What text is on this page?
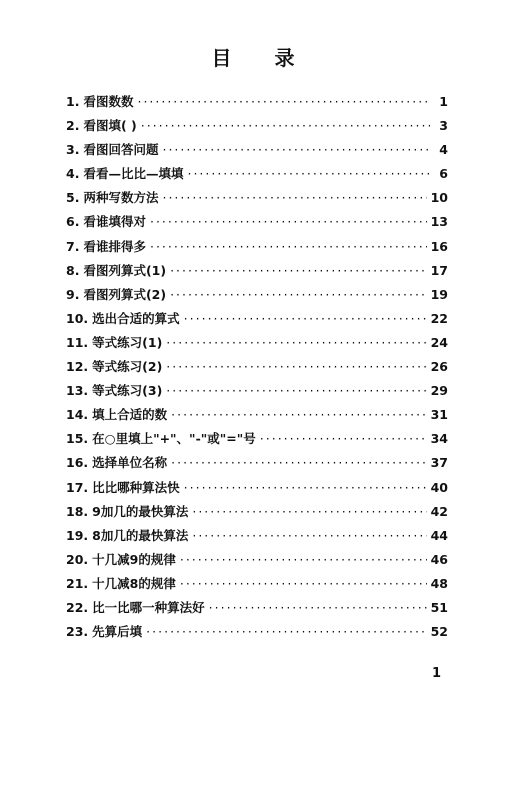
目 录
1. 看图数数 ·····	1
2. 看图填( ) ·····	3
3. 看图回答问题 ·····	4
4. 看看—比比—填填 ·····	6
5. 两种写数方法 ·····	10
6. 看谁填得对 ·····	13
7. 看谁排得多 ·····	16
8. 看图列算式(1) ·····	17
9. 看图列算式(2) ·····	19
10. 选出合适的算式 ·····	22
11. 等式练习(1) ·····	24
12. 等式练习(2) ·····	26
13. 等式练习(3) ·····	29
14. 填上合适的数 ·····	31
15. 在○里填上"+"、"-"或"="号 ·····	34
16. 选择单位名称 ·····	37
17. 比比哪种算法快 ·····	40
18. 9加几的最快算法 ·····	42
19. 8加几的最快算法 ·····	44
20. 十几减9的规律 ·····	46
21. 十几减8的规律 ·····	48
22. 比一比哪一种算法好 ·····	51
23. 先算后填 ·····	52
1
